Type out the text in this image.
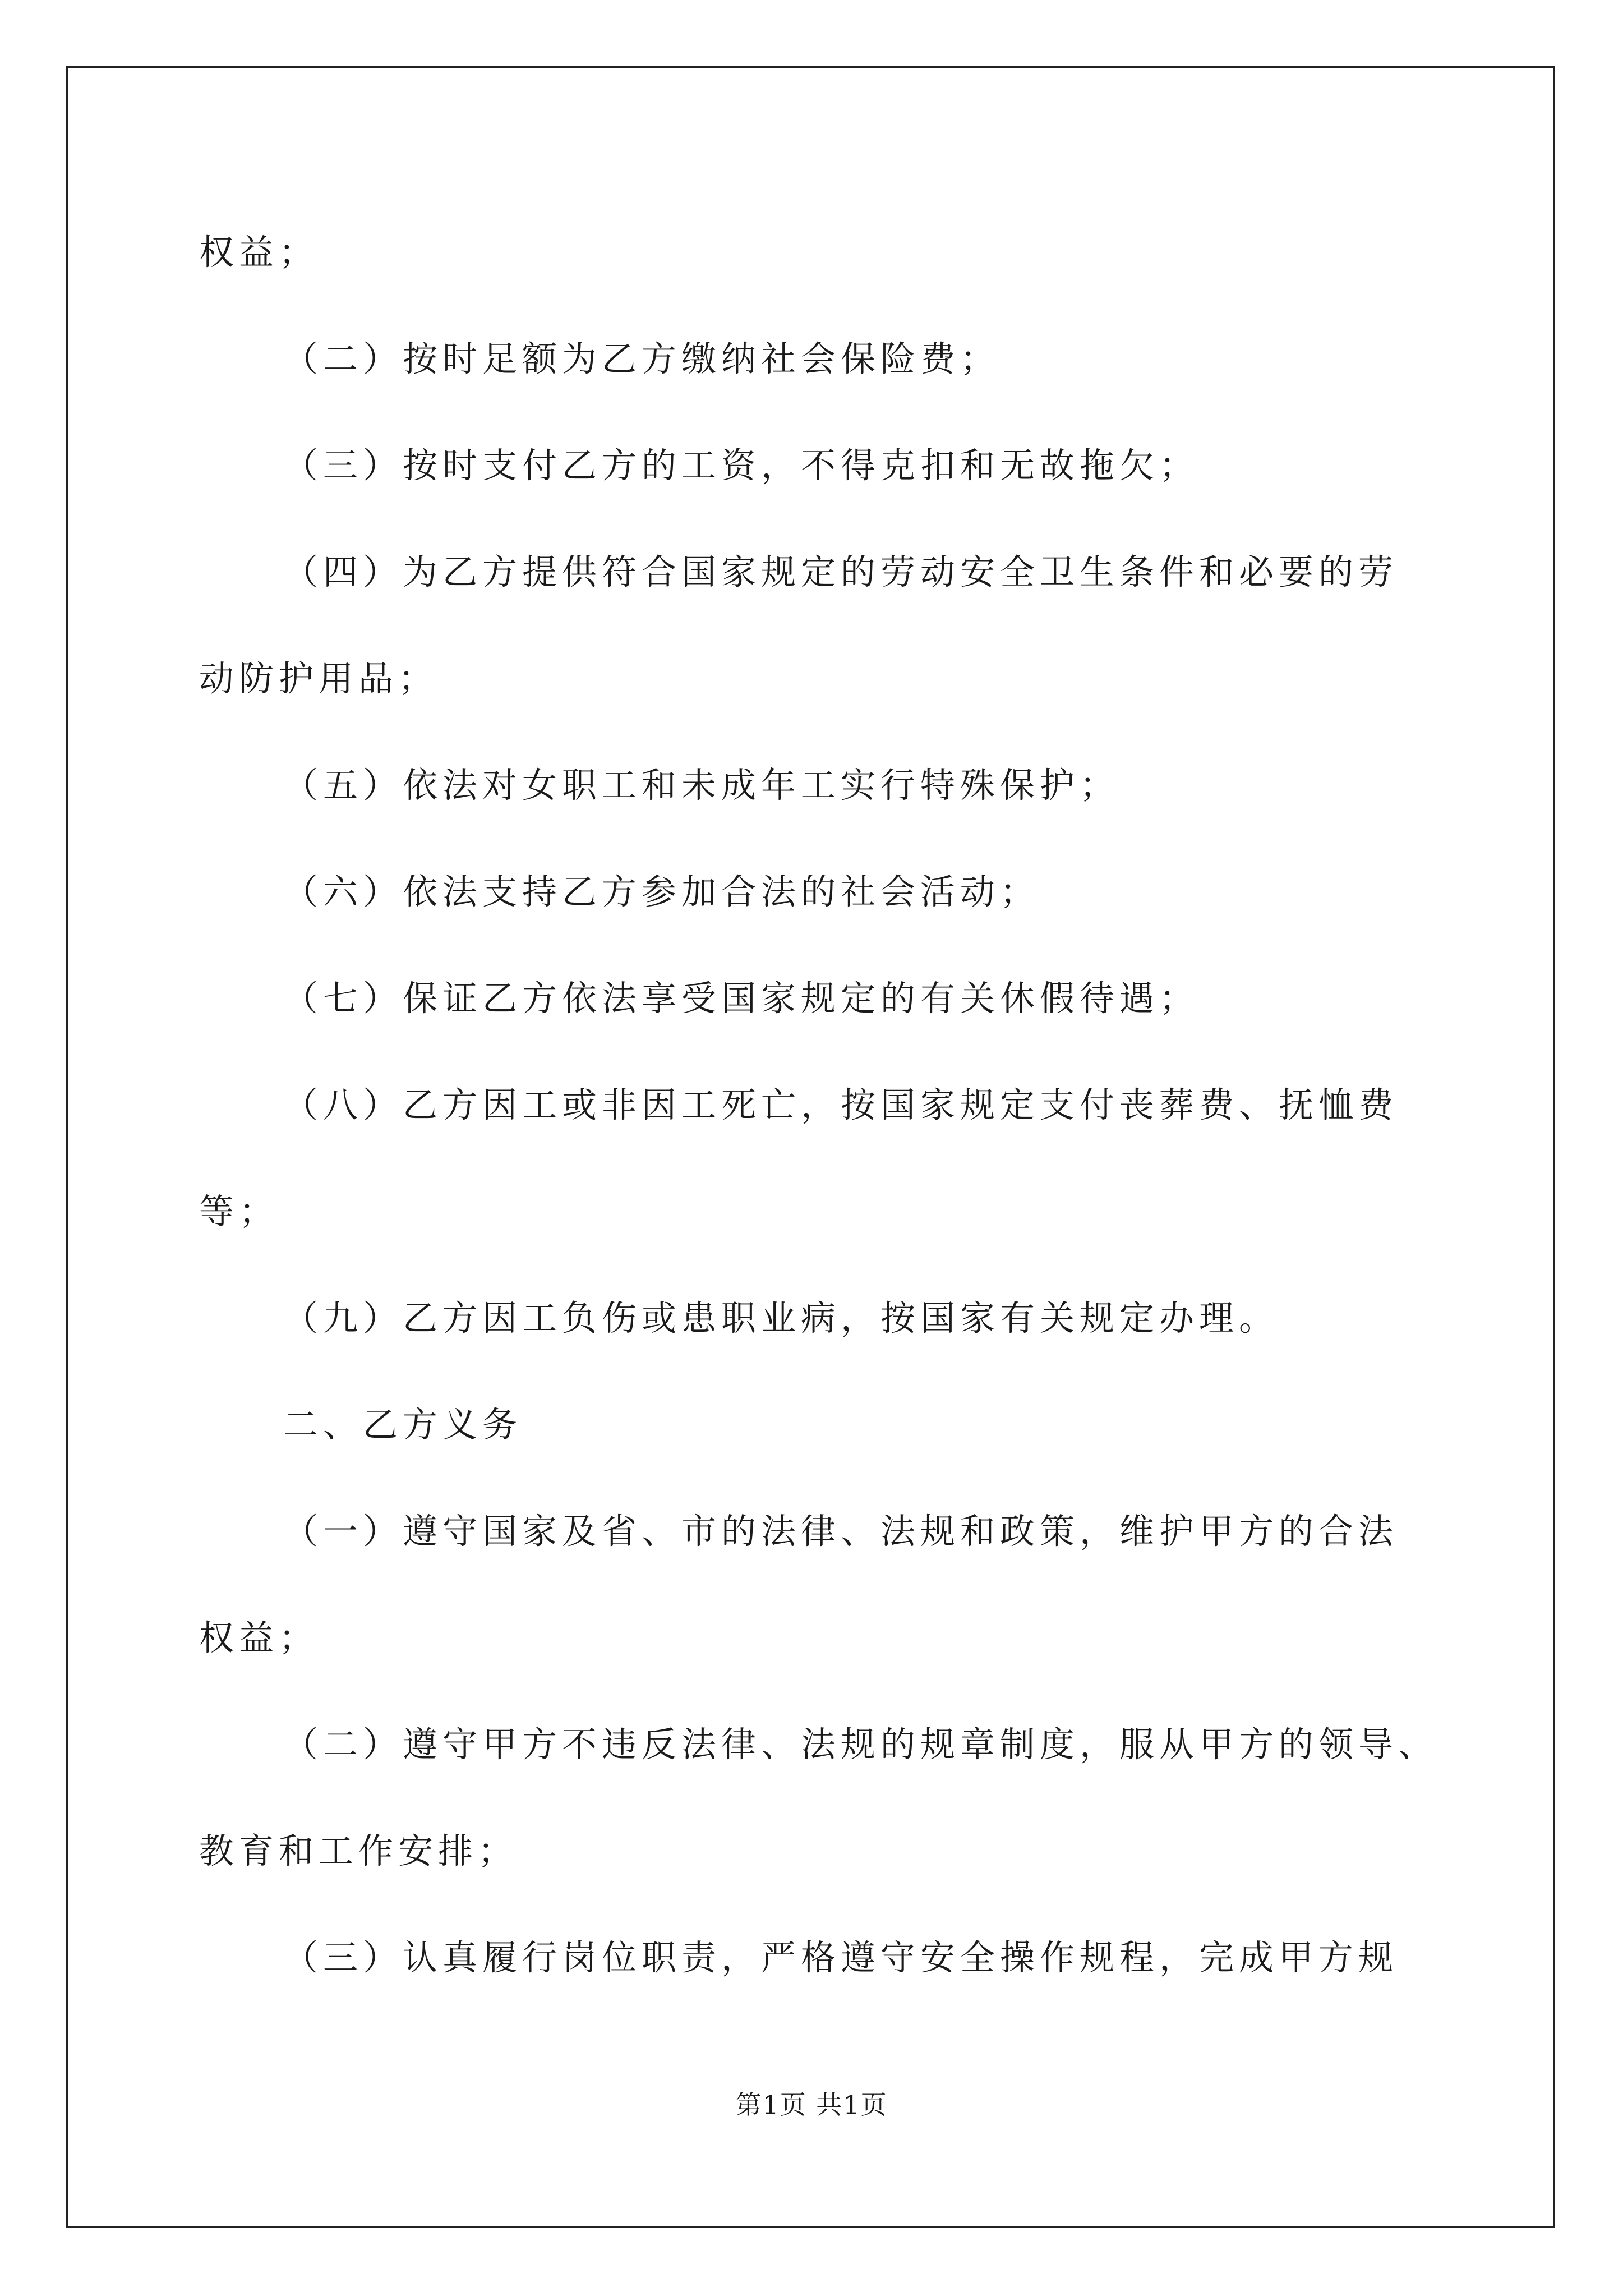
权益；
（二）按时足额为乙方缴纳社会保险费；
（三）按时支付乙方的工资，不得克扣和无故拖欠；
（四）为乙方提供符合国家规定的劳动安全卫生条件和必要的劳
动防护用品；
（五）依法对女职工和未成年工实行特殊保护；
（六）依法支持乙方参加合法的社会活动；
（七）保证乙方依法享受国家规定的有关休假待遇；
（八）乙方因工或非因工死亡，按国家规定支付丧葬费、抚恤费
等；
（九）乙方因工负伤或患职业病，按国家有关规定办理。
二、乙方义务
（一）遵守国家及省、市的法律、法规和政策，维护甲方的合法
权益；
（二）遵守甲方不违反法律、法规的规章制度，服从甲方的领导、
教育和工作安排；
（三）认真履行岗位职责，严格遵守安全操作规程，完成甲方规
第1页 共1页
